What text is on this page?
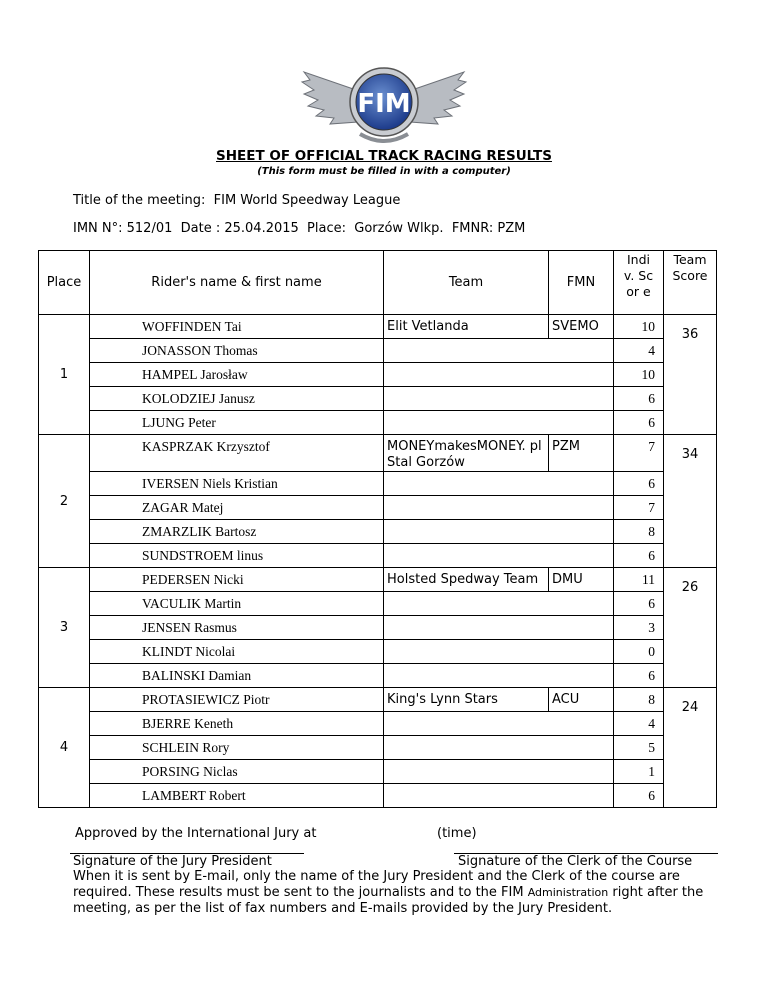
FIM
SHEET OF OFFICIAL TRACK RACING RESULTS
(This form must be filled in with a computer)
Title of the meeting: FIM World Speedway League
IMN N°: 512/01  Date : 25.04.2015  Place:  Gorzów Wlkp.  FMNR: PZM
Place	Rider's name & first name	Team	FMN	Indi v. Scor e	Team Score

1	WOFFINDEN Tai	Elit Vetlanda	SVEMO	10	36
	JONASSON Thomas			4	
	HAMPEL Jarosław			10	
	KOLODZIEJ Janusz			6	
	LJUNG Peter			6	
2	KASPRZAK Krzysztof	MONEYmakesMONEY. pl Stal Gorzów	PZM	7	34
	IVERSEN Niels Kristian			6	
	ZAGAR Matej			7	
	ZMARZLIK Bartosz			8	
	SUNDSTROEM linus			6	
3	PEDERSEN Nicki	Holsted Spedway Team	DMU	11	26
	VACULIK Martin			6	
	JENSEN Rasmus			3	
	KLINDT Nicolai			0	
	BALINSKI Damian			6	
4	PROTASIEWICZ Piotr	King's Lynn Stars	ACU	8	24
	BJERRE Keneth			4	
	SCHLEIN Rory			5	
	PORSING Niclas			1	
	LAMBERT Robert			6	
Approved by the International Jury at	(time)
Signature of the Jury President	Signature of the Clerk of the Course
When it is sent by E-mail, only the name of the Jury President and the Clerk of the course are required. These results must be sent to the journalists and to the FIM Administration right after the meeting, as per the list of fax numbers and E-mails provided by the Jury President.
